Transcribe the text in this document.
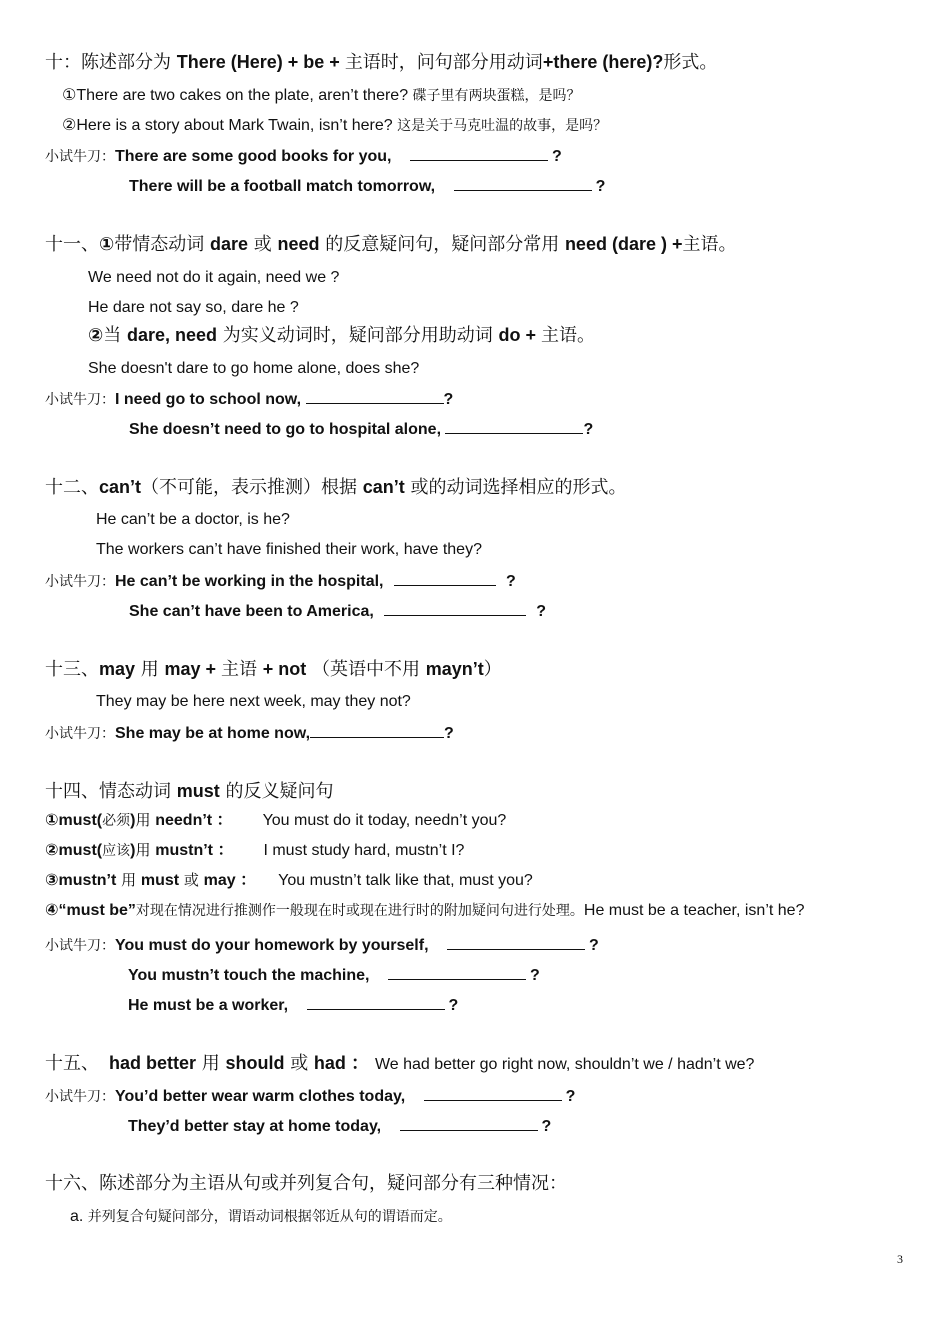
十：陈述部分为 There (Here) + be + 主语时，问句部分用动词+there (here)?形式。
①There are two cakes on the plate, aren’t there? 碟子里有两块蛋糕，是吗？
②Here is a story about Mark Twain, isn’t here? 这是关于马克吐温的故事，是吗？
小试牛刀：There are some good books for you,	?
There will be a football match tomorrow,	?
十一、①带情态动词 dare 或 need 的反意疑问句，疑问部分常用 need (dare ) +主语。
We need not do it again, need we ?
He dare not say so, dare he ?
②当 dare, need 为实义动词时，疑问部分用助动词 do + 主语。
She doesn't dare to go home alone, does she?
小试牛刀：I need go to school now,	?
She doesn’t need to go to hospital alone,	?
十二、can’t（不可能，表示推测）根据 can’t 或的动词选择相应的形式。
He can’t be a doctor, is he?
The workers can’t have finished their work, have they?
小试牛刀：He can’t be working in the hospital,	?
She can’t have been to America,	?
十三、may 用 may + 主语 + not （英语中不用 mayn’t）
They may be here next week, may they not?
小试牛刀：She may be at home now,	?
十四、情态动词 must 的反义疑问句
①must(必须)用 needn’t ： You must do it today, needn’t you?
②must(应该)用 mustn’t ： I must study hard, mustn’t I?
③mustn’t 用 must 或 may ： You mustn’t talk like that, must you?
④“must be”对现在情况进行推测作一般现在时或现在进行时的附加疑问句进行处理。He must be a teacher, isn’t he?
小试牛刀：You must do your homework by yourself,	?
You mustn’t touch the machine,	?
He must be a worker,	?
十五、 had better 用 should 或 had ： We had better go right now, shouldn’t we / hadn’t we?
小试牛刀：You’d better wear warm clothes today,	?
They’d better stay at home today,	?
十六、陈述部分为主语从句或并列复合句，疑问部分有三种情况：
a. 并列复合句疑问部分，谓语动词根据邻近从句的谓语而定。
3
